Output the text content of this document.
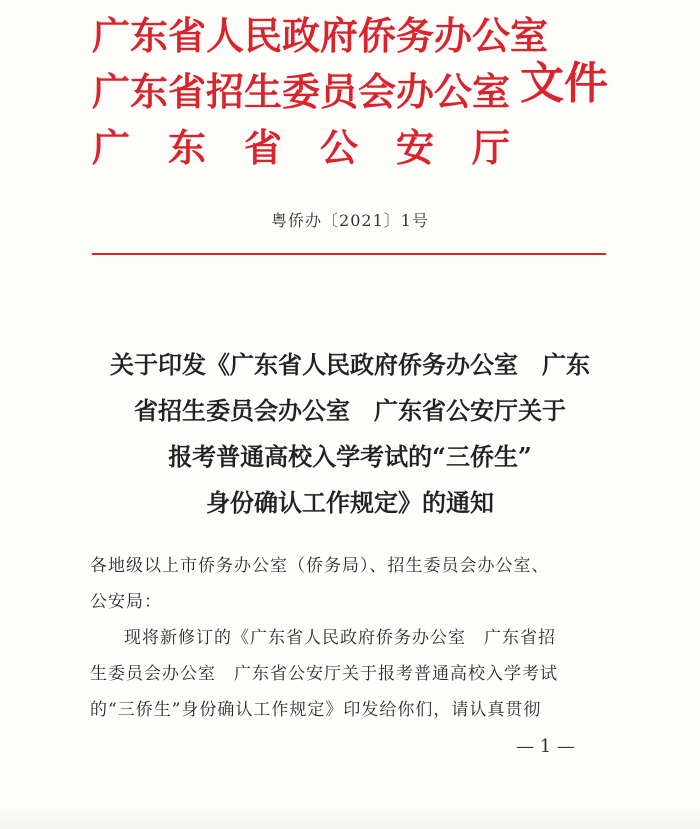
广东省人民政府侨务办公室
广东省招生委员会办公室
广 东 省 公 安 厅
文件
粤侨办〔2021〕1号
关于印发《广东省人民政府侨务办公室　广东
省招生委员会办公室　广东省公安厅关于
报考普通高校入学考试的“三侨生”
身份确认工作规定》的通知
各地级以上市侨务办公室（侨务局）、招生委员会办公室、
公安局：
现将新修订的《广东省人民政府侨务办公室　广东省招
生委员会办公室　广东省公安厅关于报考普通高校入学考试
的“三侨生”身份确认工作规定》印发给你们，请认真贯彻
— 1 —
